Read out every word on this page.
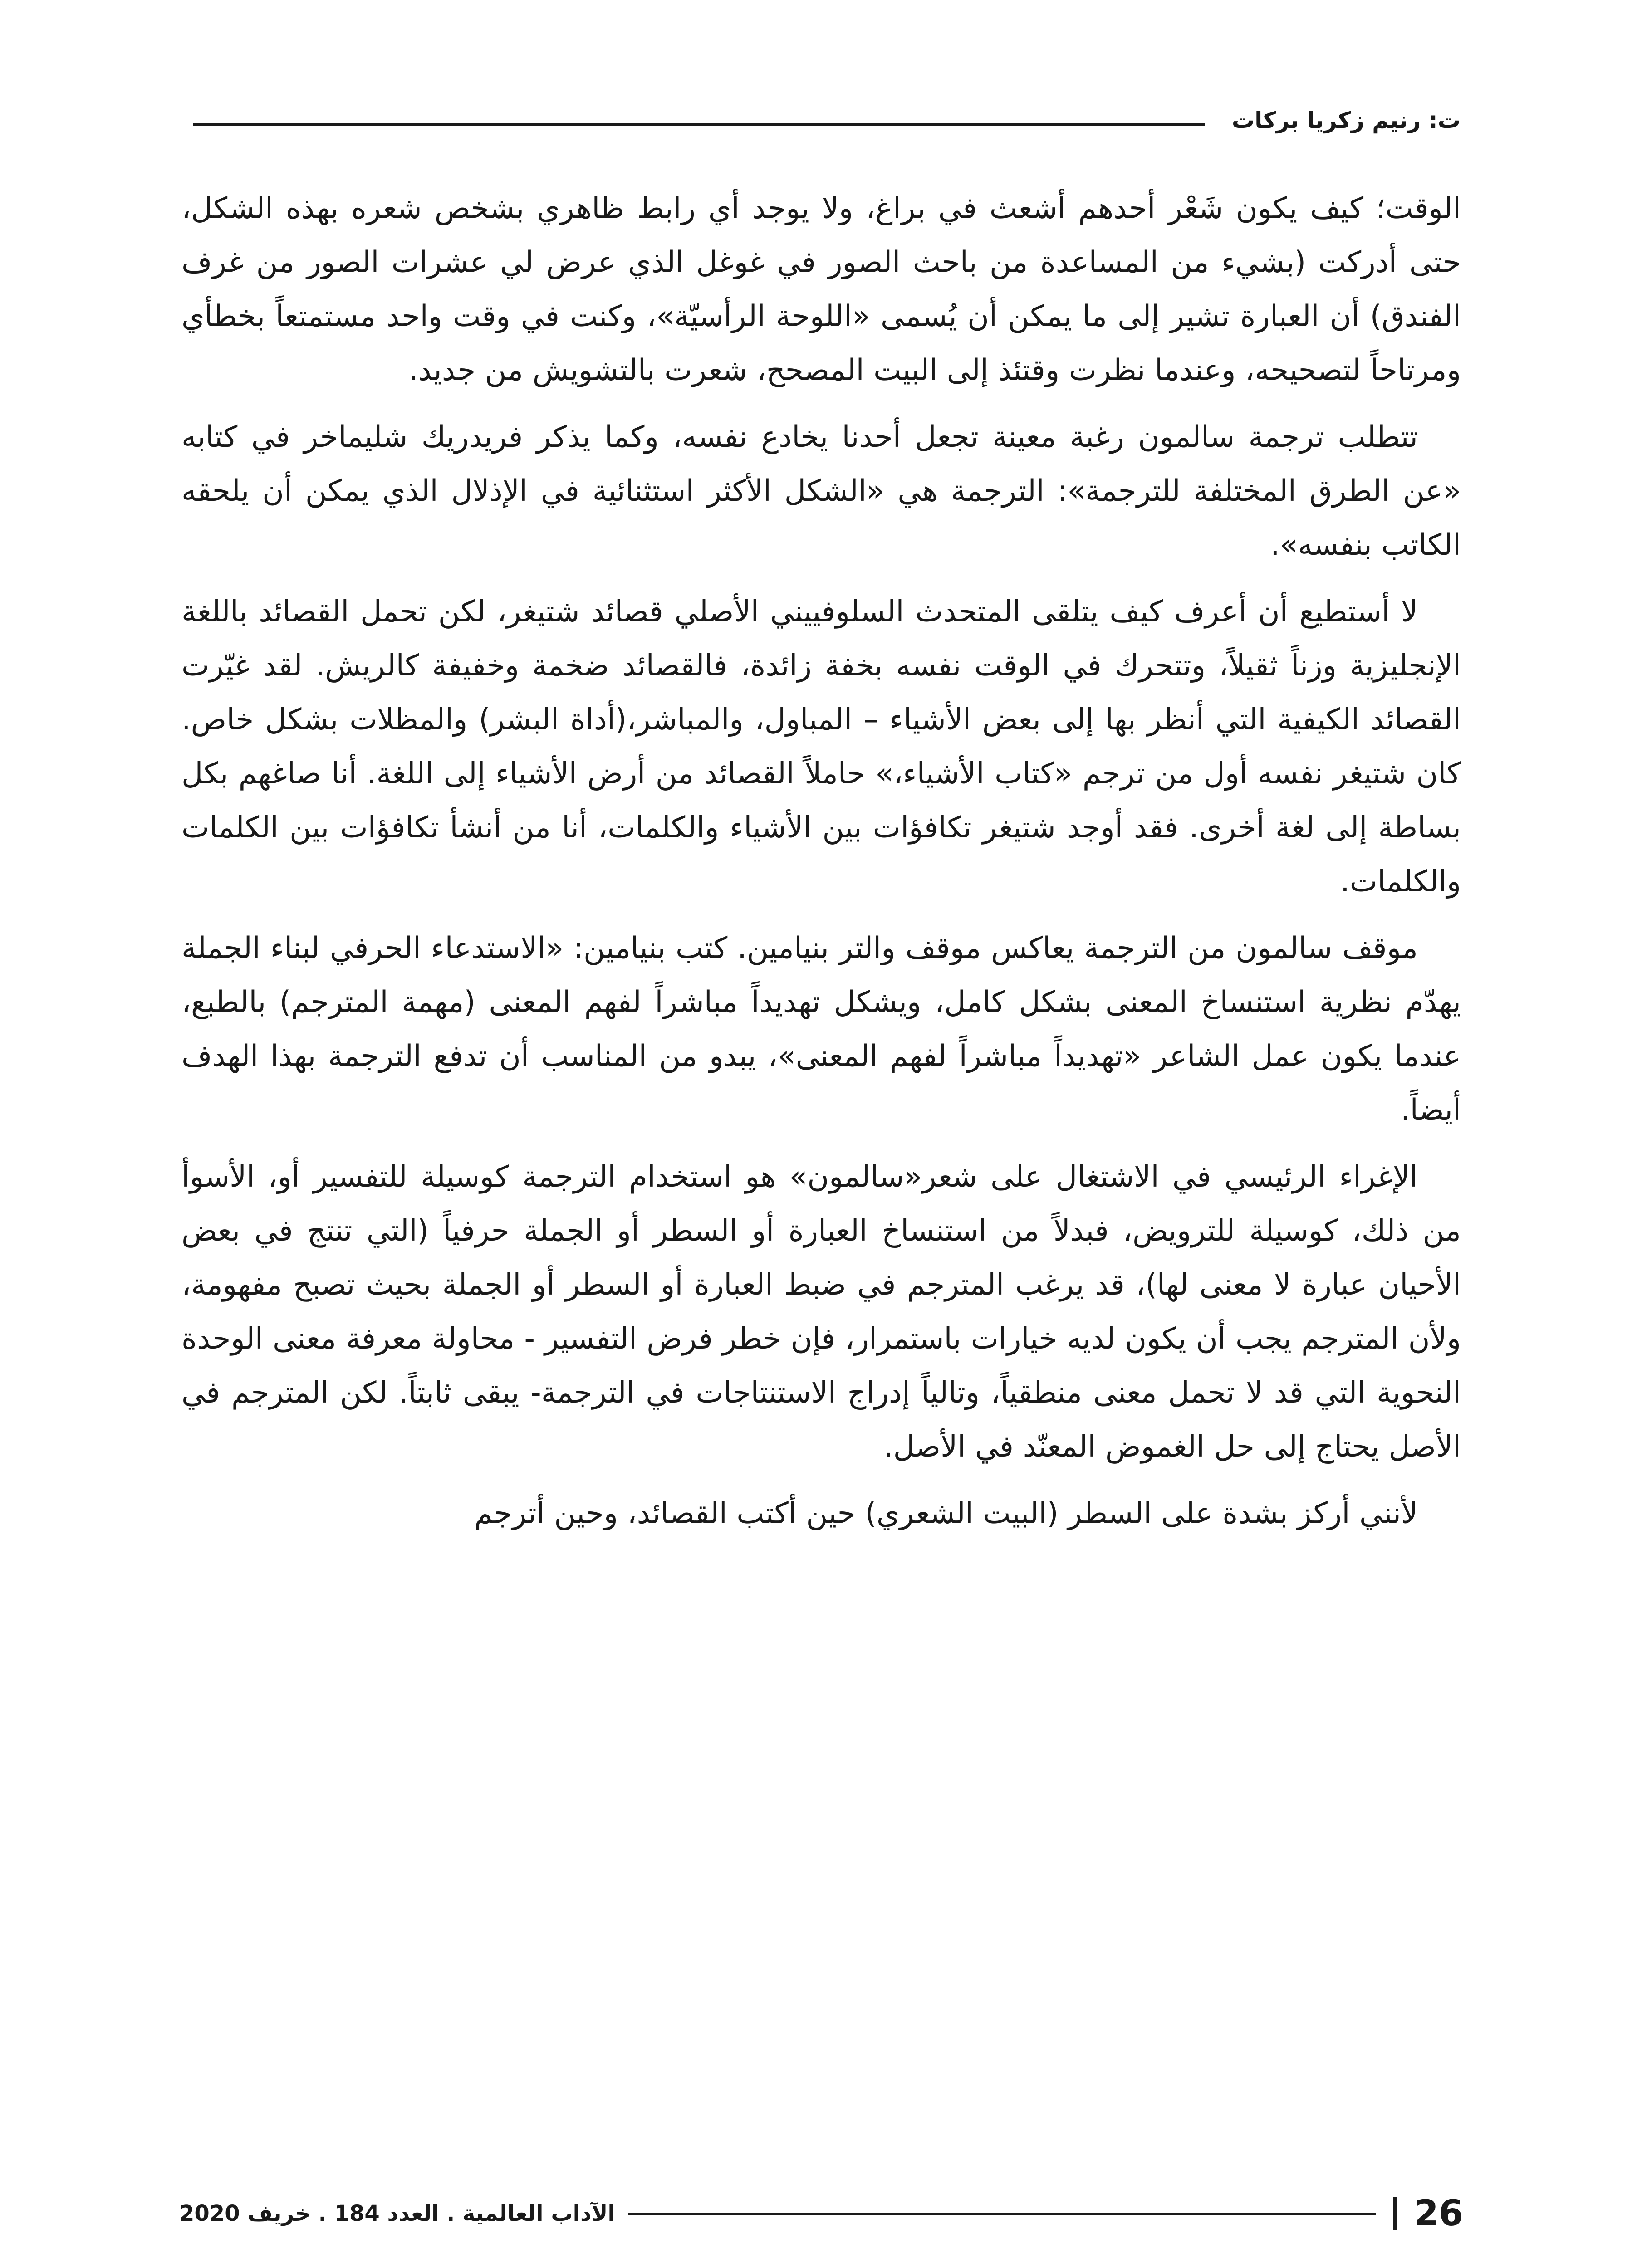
ت: رنيم زكريا بركات

الوقت؛ كيف يكون شَعْر أحدهم أشعث في براغ، ولا يوجد أي رابط ظاهري بشخص شعره بهذه الشكل، حتى أدركت (بشيء من المساعدة من باحث الصور في غوغل الذي عرض لي عشرات الصور من غرف الفندق) أن العبارة تشير إلى ما يمكن أن يُسمى «اللوحة الرأسيّة»، وكنت في وقت واحد مستمتعاً بخطأي ومرتاحاً لتصحيحه، وعندما نظرت وقتئذ إلى البيت المصحح، شعرت بالتشويش من جديد.

تتطلب ترجمة سالمون رغبة معينة تجعل أحدنا يخادع نفسه، وكما يذكر فريدريك شليماخر في كتابه «عن الطرق المختلفة للترجمة»: الترجمة هي «الشكل الأكثر استثنائية في الإذلال الذي يمكن أن يلحقه الكاتب بنفسه».

لا أستطيع أن أعرف كيف يتلقى المتحدث السلوفييني الأصلي قصائد شتيغر، لكن تحمل القصائد باللغة الإنجليزية وزناً ثقيلاً، وتتحرك في الوقت نفسه بخفة زائدة، فالقصائد ضخمة وخفيفة كالريش. لقد غيّرت القصائد الكيفية التي أنظر بها إلى بعض الأشياء – المباول، والمباشر،(أداة البشر) والمظلات بشكل خاص. كان شتيغر نفسه أول من ترجم «كتاب الأشياء،» حاملاً القصائد من أرض الأشياء إلى اللغة. أنا صاغهم بكل بساطة إلى لغة أخرى. فقد أوجد شتيغر تكافؤات بين الأشياء والكلمات، أنا من أنشأ تكافؤات بين الكلمات والكلمات.

موقف سالمون من الترجمة يعاكس موقف والتر بنيامين. كتب بنيامين: «الاستدعاء الحرفي لبناء الجملة يهدّم نظرية استنساخ المعنى بشكل كامل، ويشكل تهديداً مباشراً لفهم المعنى (مهمة المترجم) بالطبع، عندما يكون عمل الشاعر «تهديداً مباشراً لفهم المعنى»، يبدو من المناسب أن تدفع الترجمة بهذا الهدف أيضاً.

الإغراء الرئيسي في الاشتغال على شعر«سالمون» هو استخدام الترجمة كوسيلة للتفسير أو، الأسوأ من ذلك، كوسيلة للترويض، فبدلاً من استنساخ العبارة أو السطر أو الجملة حرفياً (التي تنتج في بعض الأحيان عبارة لا معنى لها)، قد يرغب المترجم في ضبط العبارة أو السطر أو الجملة بحيث تصبح مفهومة، ولأن المترجم يجب أن يكون لديه خيارات باستمرار، فإن خطر فرض التفسير - محاولة معرفة معنى الوحدة النحوية التي قد لا تحمل معنى منطقياً، وتالياً إدراج الاستنتاجات في الترجمة- يبقى ثابتاً. لكن المترجم في الأصل يحتاج إلى حل الغموض المعنّد في الأصل.

لأنني أركز بشدة على السطر (البيت الشعري) حين أكتب القصائد، وحين أترجم

26
الآداب العالمية . العدد 184 . خريف 2020
